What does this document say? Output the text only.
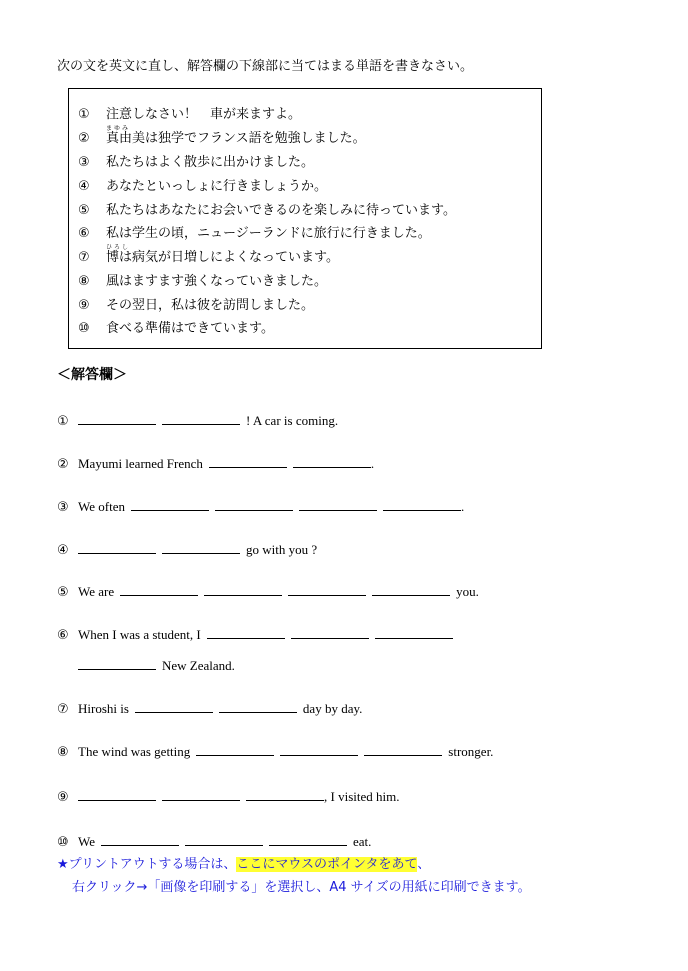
次の文を英文に直し、解答欄の下線部に当てはまる単語を書きなさい。
① 注意しなさい！　車が来ますよ。
②
まゆみ
真由美は独学でフランス語を勉強しました。
③ 私たちはよく散歩に出かけました。
④ あなたといっしょに行きましょうか。
⑤ 私たちはあなたにお会いできるのを楽しみに待っています。
⑥ 私は学生の頃，ニュージーランドに旅行に行きました。
⑦
ひろし
博は病気が日増しによくなっています。
⑧ 風はますます強くなっていきました。
⑨ その翌日，私は彼を訪問しました。
⑩ 食べる準備はできています。
＜解答欄＞
①	! A car is coming.
② Mayumi learned French	.
③ We often	.
④	go with you ?
⑤ We are	you.
⑥ When I was a student, I
New Zealand.
⑦ Hiroshi is	day by day.
⑧ The wind was getting	stronger.
⑨	, I visited him.
⑩ We	eat.
★プリントアウトする場合は、ここにマウスのポインタをあて、
右クリック→「画像を印刷する」を選択し、A4 サイズの用紙に印刷できます。
